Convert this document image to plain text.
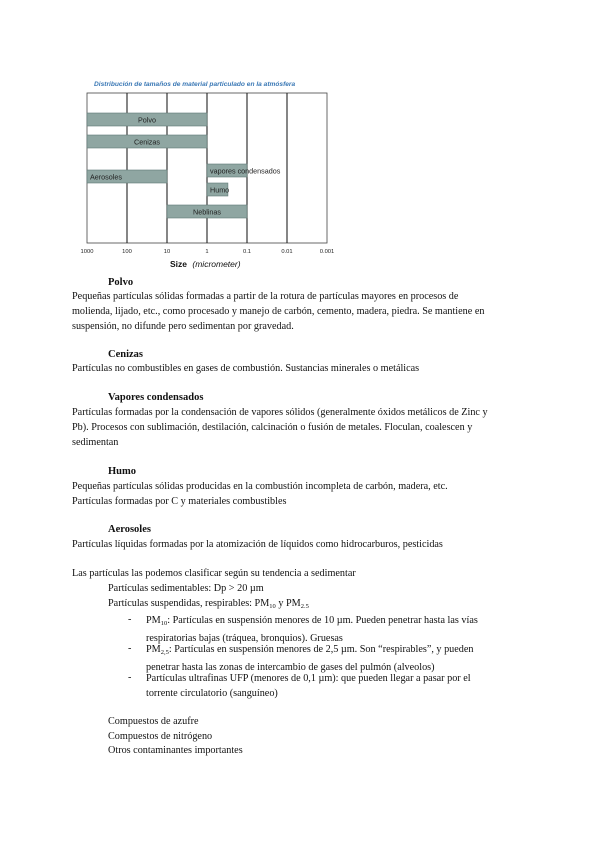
Distribución de tamaños de material particulado en la atmósfera
Polvo
Cenizas
vapores condensados
Aerosoles
Humo
Neblinas
1000	100	10	1	0.1	0.01	0.001
Size (micrometer)
Polvo
Pequeñas partículas sólidas formadas a partir de la rotura de partículas mayores en procesos de
molienda, lijado, etc., como procesado y manejo de carbón, cemento, madera, piedra. Se mantiene en
suspensión, no difunde pero sedimentan por gravedad.
Cenizas
Partículas no combustibles en gases de combustión. Sustancias minerales o metálicas
Vapores condensados
Partículas formadas por la condensación de vapores sólidos (generalmente óxidos metálicos de Zinc y
Pb). Procesos con sublimación, destilación, calcinación o fusión de metales. Floculan, coalescen y
sedimentan
Humo
Pequeñas partículas sólidas producidas en la combustión incompleta de carbón, madera, etc.
Partículas formadas por C y materiales combustibles
Aerosoles
Partículas líquidas formadas por la atomización de líquidos como hidrocarburos, pesticidas
Las partículas las podemos clasificar según su tendencia a sedimentar
Partículas sedimentables: Dp > 20 µm
Partículas suspendidas, respirables: $PM_{10}$ y $PM_{2.5}$
- $PM_{10}$: Partículas en suspensión menores de 10 µm. Pueden penetrar hasta las vías
respiratorias bajas (tráquea, bronquios). Gruesas
- $PM_{2,5}$: Partículas en suspensión menores de 2,5 µm. Son “respirables”, y pueden
penetrar hasta las zonas de intercambio de gases del pulmón (alveolos)
- Partículas ultrafinas UFP (menores de 0,1 µm): que pueden llegar a pasar por el
torrente circulatorio (sanguíneo)
Compuestos de azufre
Compuestos de nitrógeno
Otros contaminantes importantes
